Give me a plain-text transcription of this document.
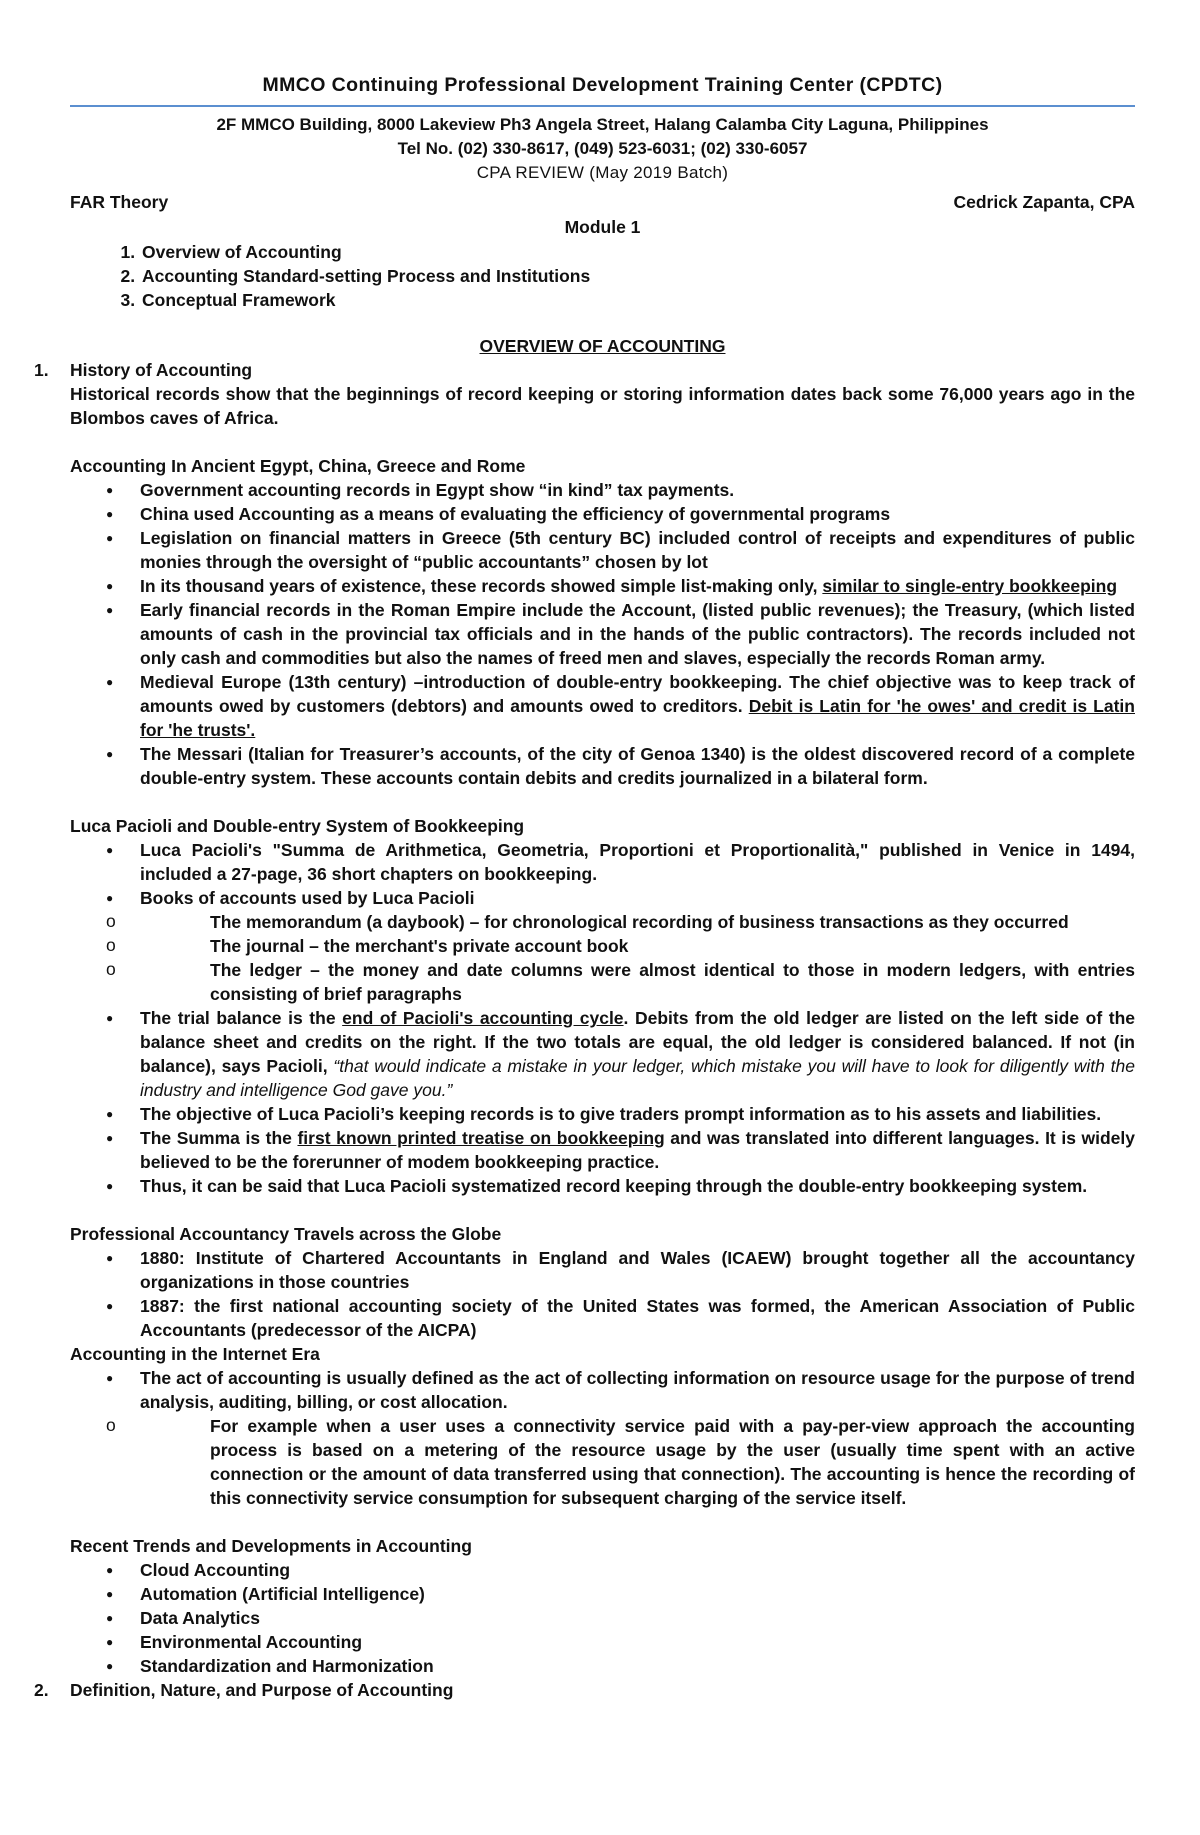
MMCO Continuing Professional Development Training Center (CPDTC)
2F MMCO Building, 8000 Lakeview Ph3 Angela Street, Halang Calamba City Laguna, Philippines
Tel No. (02) 330-8617, (049) 523-6031; (02) 330-6057
CPA REVIEW (May 2019 Batch)
FAR Theory	Cedrick Zapanta, CPA
Module 1
1. Overview of Accounting
2. Accounting Standard-setting Process and Institutions
3. Conceptual Framework
OVERVIEW OF ACCOUNTING
1. History of Accounting

Historical records show that the beginnings of record keeping or storing information dates back some 76,000 years ago in the Blombos caves of Africa.

Accounting In Ancient Egypt, China, Greece and Rome
● Government accounting records in Egypt show “in kind” tax payments.
● China used Accounting as a means of evaluating the efficiency of governmental programs
● Legislation on financial matters in Greece (5th century BC) included control of receipts and expenditures of public monies through the oversight of “public accountants” chosen by lot
● In its thousand years of existence, these records showed simple list-making only, similar to single-entry bookkeeping
● Early financial records in the Roman Empire include the Account, (listed public revenues); the Treasury, (which listed amounts of cash in the provincial tax officials and in the hands of the public contractors). The records included not only cash and commodities but also the names of freed men and slaves, especially the records Roman army.
● Medieval Europe (13th century) –introduction of double-entry bookkeeping. The chief objective was to keep track of amounts owed by customers (debtors) and amounts owed to creditors. Debit is Latin for 'he owes' and credit is Latin for 'he trusts'.
● The Messari (Italian for Treasurer’s accounts, of the city of Genoa 1340) is the oldest discovered record of a complete double-entry system. These accounts contain debits and credits journalized in a bilateral form.
Luca Pacioli and Double-entry System of Bookkeeping
● Luca Pacioli's "Summa de Arithmetica, Geometria, Proportioni et Proportionalità," published in Venice in 1494, included a 27-page, 36 short chapters on bookkeeping.
● Books of accounts used by Luca Pacioli
o The memorandum (a daybook) – for chronological recording of business transactions as they occurred
o The journal – the merchant's private account book
o The ledger – the money and date columns were almost identical to those in modern ledgers, with entries consisting of brief paragraphs
● The trial balance is the end of Pacioli's accounting cycle. Debits from the old ledger are listed on the left side of the balance sheet and credits on the right. If the two totals are equal, the old ledger is considered balanced. If not (in balance), says Pacioli, “that would indicate a mistake in your ledger, which mistake you will have to look for diligently with the industry and intelligence God gave you.”
● The objective of Luca Pacioli’s keeping records is to give traders prompt information as to his assets and liabilities.
● The Summa is the first known printed treatise on bookkeeping and was translated into different languages. It is widely believed to be the forerunner of modem bookkeeping practice.
● Thus, it can be said that Luca Pacioli systematized record keeping through the double-entry bookkeeping system.
Professional Accountancy Travels across the Globe
● 1880: Institute of Chartered Accountants in England and Wales (ICAEW) brought together all the accountancy organizations in those countries
● 1887: the first national accounting society of the United States was formed, the American Association of Public Accountants (predecessor of the AICPA)
Accounting in the Internet Era
● The act of accounting is usually defined as the act of collecting information on resource usage for the purpose of trend analysis, auditing, billing, or cost allocation.
o For example when a user uses a connectivity service paid with a pay-per-view approach the accounting process is based on a metering of the resource usage by the user (usually time spent with an active connection or the amount of data transferred using that connection). The accounting is hence the recording of this connectivity service consumption for subsequent charging of the service itself.
Recent Trends and Developments in Accounting
● Cloud Accounting
● Automation (Artificial Intelligence)
● Data Analytics
● Environmental Accounting
● Standardization and Harmonization
2. Definition, Nature, and Purpose of Accounting
